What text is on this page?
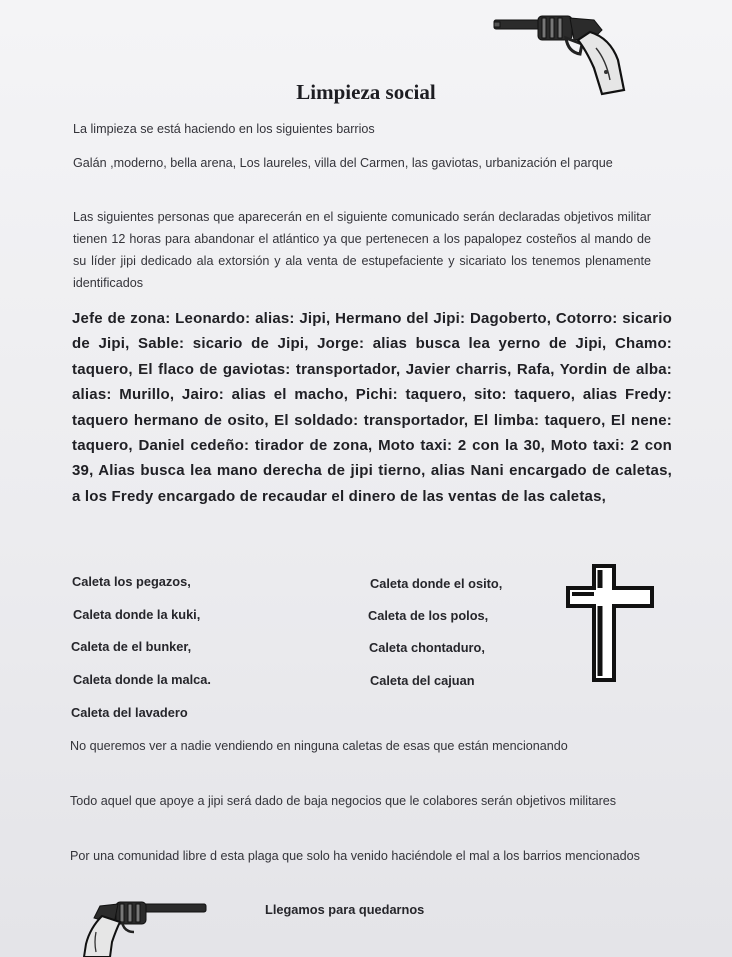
Limpieza social
La limpieza se está haciendo en los siguientes barrios
Galán ,moderno, bella arena, Los laureles, villa del Carmen, las gaviotas, urbanización el parque
Las siguientes personas que aparecerán en el siguiente comunicado serán declaradas objetivos militar tienen 12 horas para abandonar el atlántico ya que pertenecen a los papalopez costeños al mando de su líder jipi dedicado ala extorsión y ala venta de estupefaciente y sicariato los tenemos plenamente identificados
Jefe de zona: Leonardo: alias: Jipi, Hermano del Jipi: Dagoberto, Cotorro: sicario de Jipi, Sable: sicario de Jipi, Jorge: alias busca lea yerno de Jipi, Chamo: taquero, El flaco de gaviotas: transportador, Javier charris, Rafa, Yordin de alba: alias: Murillo, Jairo: alias el macho, Pichi: taquero, sito: taquero, alias Fredy: taquero hermano de osito, El soldado: transportador, El limba: taquero, El nene: taquero, Daniel cedeño: tirador de zona, Moto taxi: 2 con la 30, Moto taxi: 2 con 39, Alias busca lea mano derecha de jipi tierno, alias Nani encargado de caletas, a los Fredy encargado de recaudar el dinero de las ventas de las caletas,
Caleta los pegazos,
Caleta donde la kuki,
Caleta de el bunker,
Caleta donde la malca.
Caleta donde el osito,
Caleta de los polos,
Caleta chontaduro,
Caleta del cajuan
Caleta del lavadero
No queremos ver a nadie vendiendo en ninguna caletas de esas que están mencionando
Todo aquel que apoye a jipi será dado de baja negocios que le colabores serán objetivos militares
Por una comunidad libre d esta plaga que solo ha venido haciéndole el mal a los barrios mencionados
Llegamos para quedarnos
